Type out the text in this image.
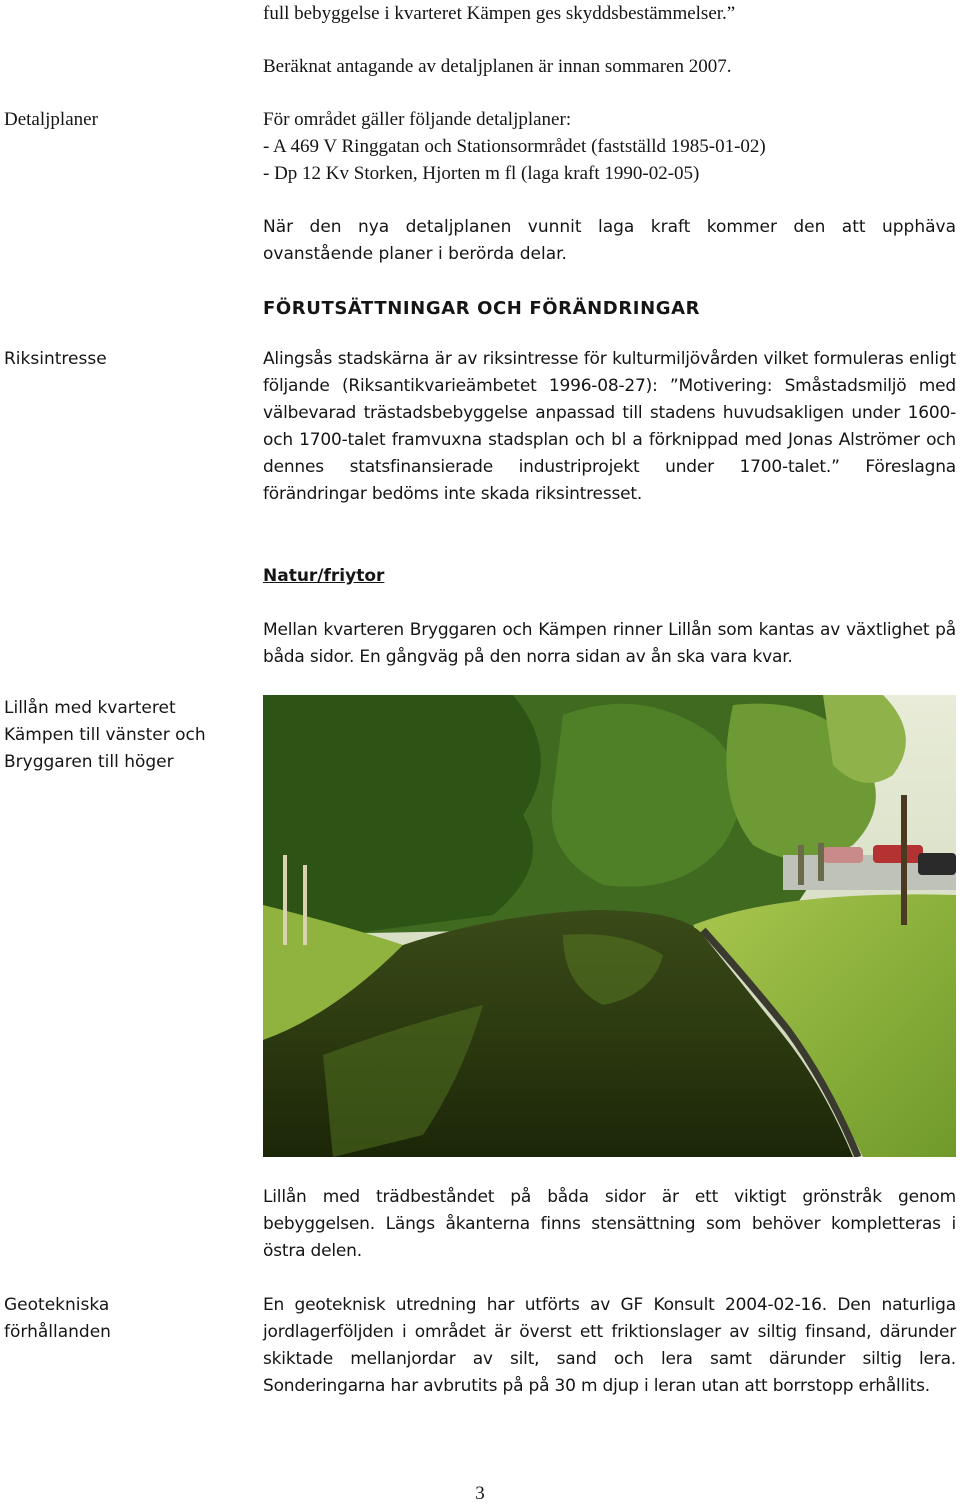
full bebyggelse i kvarteret Kämpen ges skyddsbestämmelser.”

Beräknat antagande av detaljplanen är innan sommaren 2007.

Detaljplaner	För området gäller följande detaljplaner:

- A 469 V Ringgatan och Stationsormrådet (fastställd 1985-01-02)

- Dp 12 Kv Storken, Hjorten m fl (laga kraft 1990-02-05)

När den nya detaljplanen vunnit laga kraft kommer den att upphäva ovanstående planer i berörda delar.

FÖRUTSÄTTNINGAR OCH FÖRÄNDRINGAR

Riksintresse	Alingsås stadskärna är av riksintresse för kulturmiljövården vilket formuleras enligt följande (Riksantikvarieämbetet 1996-08-27): ”Motivering: Småstadsmiljö med välbevarad trästadsbebyggelse anpassad till stadens huvudsakligen under 1600- och 1700-talet framvuxna stadsplan och bl a förknippad med Jonas Alströmer och dennes statsfinansierade industriprojekt under 1700-talet.” Föreslagna förändringar bedöms inte skada riksintresset.

Natur/friytor

Mellan kvarteren Bryggaren och Kämpen rinner Lillån som kantas av växtlighet på båda sidor. En gångväg på den norra sidan av ån ska vara kvar.

Lillån med kvarteret Kämpen till vänster och Bryggaren till höger

Lillån med trädbeståndet på båda sidor är ett viktigt grönstråk genom bebyggelsen. Längs åkanterna finns stensättning som behöver kompletteras i östra delen.

Geotekniska förhållanden

En geoteknisk utredning har utförts av GF Konsult 2004-02-16. Den naturliga jordlagerföljden i området är överst ett friktionslager av siltig finsand, därunder skiktade mellanjordar av silt, sand och lera samt därunder siltig lera. Sonderingarna har avbrutits på på 30 m djup i leran utan att borrstopp erhållits.

3
